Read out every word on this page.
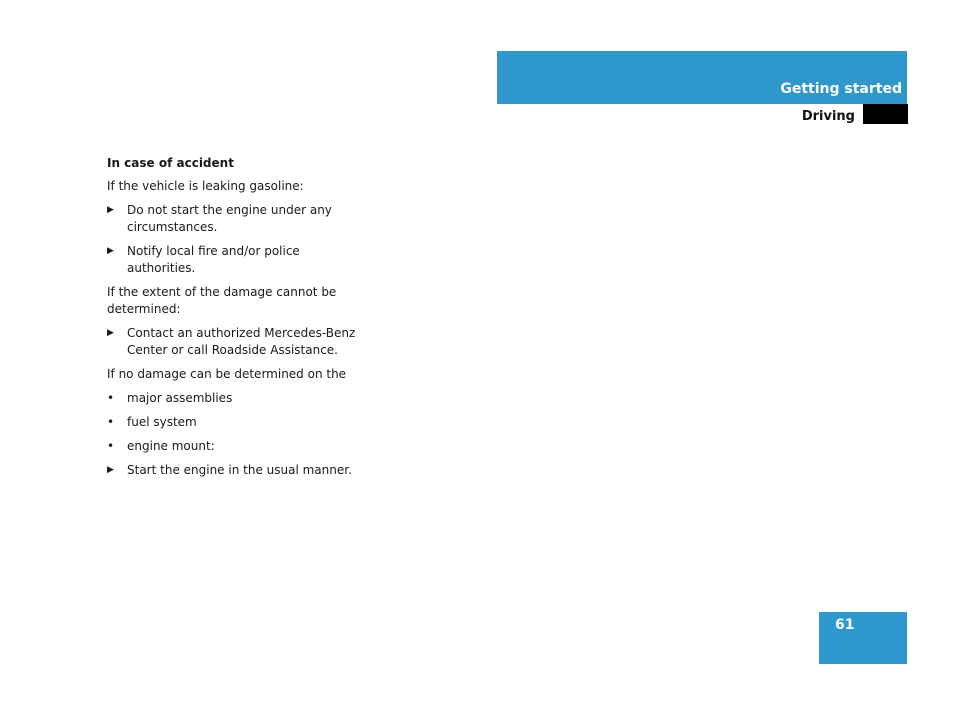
Getting started
Driving

In case of accident

If the vehicle is leaking gasoline:

▶	Do not start the engine under any circumstances.
▶	Notify local fire and/or police authorities.

If the extent of the damage cannot be determined:

▶	Contact an authorized Mercedes-Benz Center or call Roadside Assistance.

If no damage can be determined on the

•	major assemblies
•	fuel system
•	engine mount:
▶	Start the engine in the usual manner.
61
